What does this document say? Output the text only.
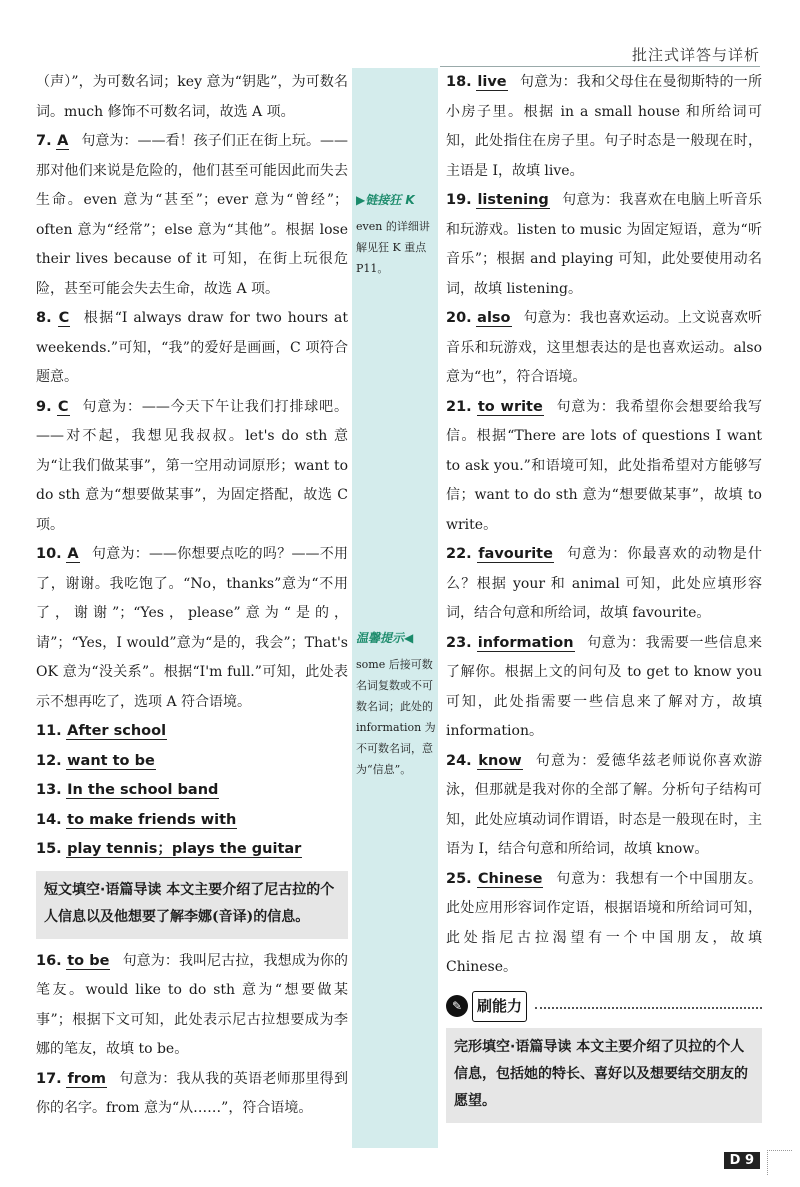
批注式详答与详析

（声）”，为可数名词；key 意为“钥匙”，为可数名词。much 修饰不可数名词，故选 A 项。

7. A 句意为：——看！孩子们正在街上玩。——那对他们来说是危险的，他们甚至可能因此而失去生命。even 意为“甚至”；ever 意为“曾经”；often 意为“经常”；else 意为“其他”。根据 lose their lives because of it 可知，在街上玩很危险，甚至可能会失去生命，故选 A 项。

8. C 根据“I always draw for two hours at weekends.”可知，“我”的爱好是画画，C 项符合题意。

9. C 句意为：——今天下午让我们打排球吧。——对不起，我想见我叔叔。let's do sth 意为“让我们做某事”，第一空用动词原形；want to do sth 意为“想要做某事”，为固定搭配，故选 C 项。

10. A 句意为：——你想要点吃的吗？——不用了，谢谢。我吃饱了。“No，thanks”意为“不用了，谢谢”；“Yes，please”意为“是的，请”；“Yes，I would”意为“是的，我会”；That's OK 意为“没关系”。根据“I'm full.”可知，此处表示不想再吃了，选项 A 符合语境。

11. After school

12. want to be

13. In the school band

14. to make friends with

15. play tennis；plays the guitar

短文填空·语篇导读 本文主要介绍了尼古拉的个人信息以及他想要了解李娜(音译)的信息。

16. to be 句意为：我叫尼古拉，我想成为你的笔友。would like to do sth 意为“想要做某事”；根据下文可知，此处表示尼古拉想要成为李娜的笔友，故填 to be。

17. from 句意为：我从我的英语老师那里得到你的名字。from 意为“从……”，符合语境。

▶链接狂 K

even 的详细讲解见狂 K 重点 P11。

温馨提示◀

some 后接可数名词复数或不可数名词；此处的 information 为不可数名词，意为“信息”。

18. live 句意为：我和父母住在曼彻斯特的一所小房子里。根据 in a small house 和所给词可知，此处指住在房子里。句子时态是一般现在时，主语是 I，故填 live。

19. listening 句意为：我喜欢在电脑上听音乐和玩游戏。listen to music 为固定短语，意为“听音乐”；根据 and playing 可知，此处要使用动名词，故填 listening。

20. also 句意为：我也喜欢运动。上文说喜欢听音乐和玩游戏，这里想表达的是也喜欢运动。also 意为“也”，符合语境。

21. to write 句意为：我希望你会想要给我写信。根据“There are lots of questions I want to ask you.”和语境可知，此处指希望对方能够写信；want to do sth 意为“想要做某事”，故填 to write。

22. favourite 句意为：你最喜欢的动物是什么？根据 your 和 animal 可知，此处应填形容词，结合句意和所给词，故填 favourite。

23. information 句意为：我需要一些信息来了解你。根据上文的问句及 to get to know you 可知，此处指需要一些信息来了解对方，故填 information。

24. know 句意为：爱德华兹老师说你喜欢游泳，但那就是我对你的全部了解。分析句子结构可知，此处应填动词作谓语，时态是一般现在时，主语为 I，结合句意和所给词，故填 know。

25. Chinese 句意为：我想有一个中国朋友。此处应用形容词作定语，根据语境和所给词可知，此处指尼古拉渴望有一个中国朋友，故填 Chinese。

✎ 刷能力
完形填空·语篇导读 本文主要介绍了贝拉的个人信息，包括她的特长、喜好以及想要结交朋友的愿望。
D 9
